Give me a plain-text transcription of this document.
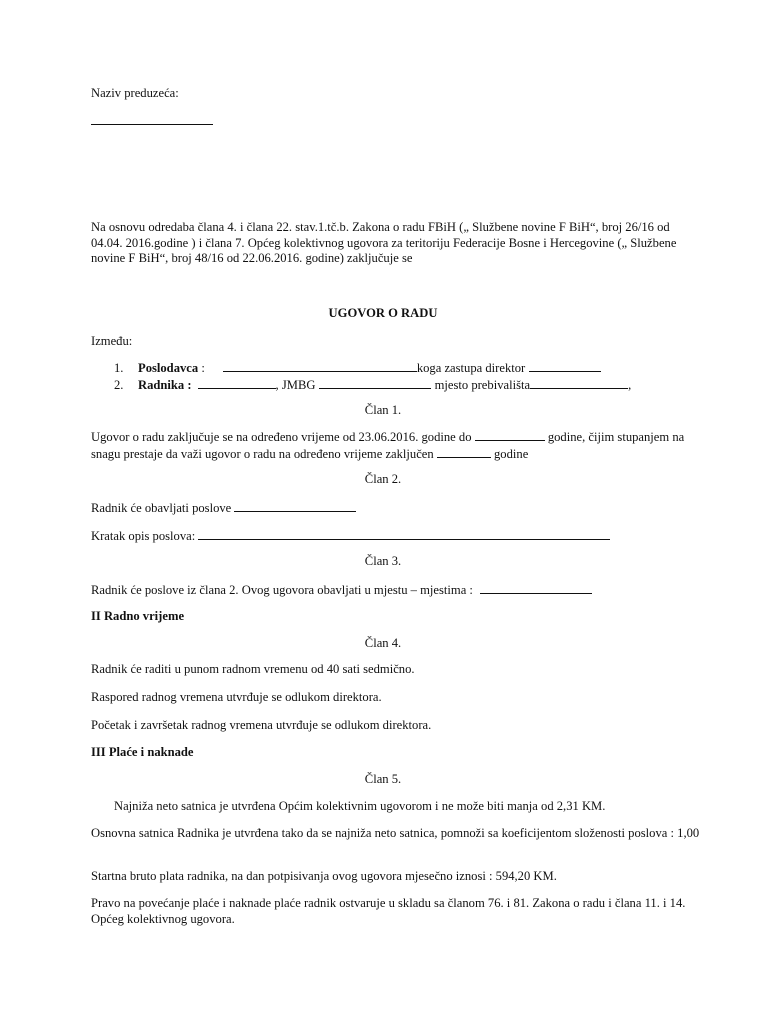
Naziv preduzeća:

Na osnovu odredaba člana 4. i člana 22. stav.1.tč.b. Zakona o radu FBiH („ Službene novine F BiH“, broj 26/16 od 04.04. 2016.godine ) i člana 7. Općeg kolektivnog ugovora za teritoriju Federacije Bosne i Hercegovine („ Službene novine F BiH“, broj 48/16 od 22.06.2016. godine) zaključuje se

UGOVOR O RADU

Između:

1. Poslodavca :	koga zastupa direktor

2. Radnika :	, JMBG	mjesto prebivališta	,

Član 1.

Ugovor o radu zaključuje se na određeno vrijeme od 23.06.2016. godine do	godine, čijim stupanjem na snagu prestaje da važi ugovor o radu na određeno vrijeme zaključen	godine

Član 2.

Radnik će obavljati poslove

Kratak opis poslova:

Član 3.

Radnik će poslove iz člana 2. Ovog ugovora obavljati u mjestu – mjestima :

II Radno vrijeme

Član 4.

Radnik će raditi u punom radnom vremenu od 40 sati sedmično.

Raspored radnog vremena utvrđuje se odlukom direktora.

Početak i završetak radnog vremena utvrđuje se odlukom direktora.

III Plaće i naknade

Član 5.

Najniža neto satnica je utvrđena Općim kolektivnim ugovorom i ne može biti manja od 2,31 KM.

Osnovna satnica Radnika je utvrđena tako da se najniža neto satnica, pomnoži sa koeficijentom složenosti poslova : 1,00

Startna bruto plata radnika, na dan potpisivanja ovog ugovora mjesečno iznosi : 594,20 KM.

Pravo na povećanje plaće i naknade plaće radnik ostvaruje u skladu sa članom 76. i 81. Zakona o radu i člana 11. i 14. Općeg kolektivnog ugovora.
